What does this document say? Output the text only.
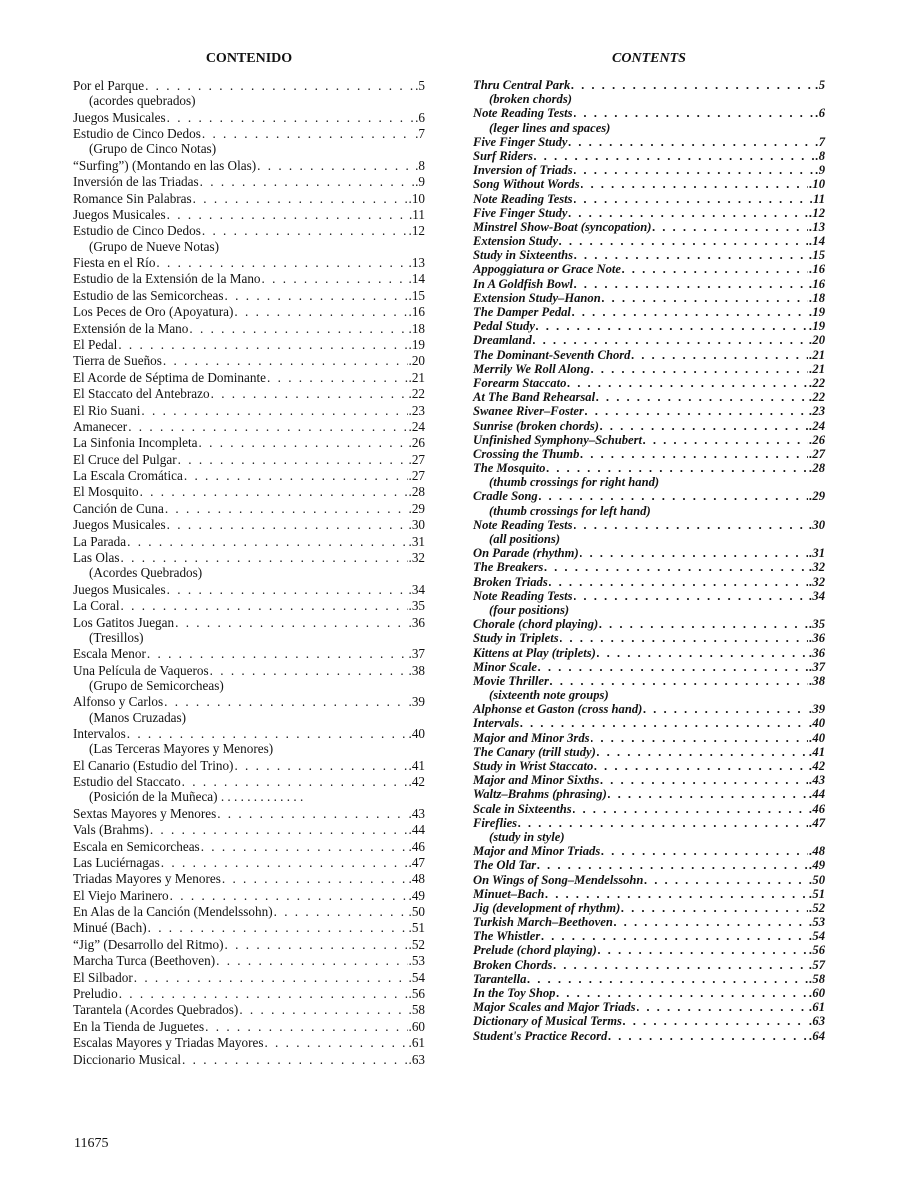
CONTENIDO
Por el Parque . . .	.5
(acordes quebrados)
Juegos Musicales . . .	.6
Estudio de Cinco Dedos . . .	.7
(Grupo de Cinco Notas)
“Surfing”) (Montando en las Olas) . . .	.8
Inversión de las Triadas . . .	.9
Romance Sin Palabras . . .	.10
Juegos Musicales . . .	.11
Estudio de Cinco Dedos . . .	.12
(Grupo de Nueve Notas)
Fiesta en el Río . . .	.13
Estudio de la Extensión de la Mano . . .	.14
Estudio de las Semicorcheas . . .	.15
Los Peces de Oro (Apoyatura) . . .	.16
Extensión de la Mano . . .	.18
El Pedal . . .	.19
Tierra de Sueños . . .	.20
El Acorde de Séptima de Dominante . . .	.21
El Staccato del Antebrazo . . .	.22
El Rio Suani . . .	.23
Amanecer . . .	.24
La Sinfonia Incompleta . . .	.26
El Cruce del Pulgar . . .	.27
La Escala Cromática . . .	.27
El Mosquito . . .	.28
Canción de Cuna . . .	.29
Juegos Musicales . . .	.30
La Parada . . .	.31
Las Olas . . .	.32
(Acordes Quebrados)
Juegos Musicales . . .	.34
La Coral . . .	.35
Los Gatitos Juegan . . .	.36
(Tresillos)
Escala Menor . . .	.37
Una Película de Vaqueros . . .	.38
(Grupo de Semicorcheas)
Alfonso y Carlos . . .	.39
(Manos Cruzadas)
Intervalos . . .	.40
(Las Terceras Mayores y Menores)
El Canario (Estudio del Trino) . . .	.41
Estudio del Staccato . . .	.42
(Posición de la Muñeca) . . . . . . . . . . . . .
Sextas Mayores y Menores . . .	.43
Vals (Brahms) . . .	.44
Escala en Semicorcheas . . .	.46
Las Luciérnagas . . .	.47
Triadas Mayores y Menores . . .	.48
El Viejo Marinero . . .	.49
En Alas de la Canción (Mendelssohn) . . .	.50
Minué (Bach) . . .	.51
“Jig” (Desarrollo del Ritmo) . . .	.52
Marcha Turca (Beethoven) . . .	.53
El Silbador . . .	.54
Preludio . . .	.56
Tarantela (Acordes Quebrados) . . .	.58
En la Tienda de Juguetes . . .	.60
Escalas Mayores y Triadas Mayores . . .	.61
Diccionario Musical . . .	.63
CONTENTS
Thru Central Park . . .	.5
(broken chords)
Note Reading Tests . . .	.6
(leger lines and spaces)
Five Finger Study . . .	.7
Surf Riders . . .	.8
Inversion of Triads . . .	.9
Song Without Words . . .	.10
Note Reading Tests . . .	.11
Five Finger Study . . .	.12
Minstrel Show-Boat (syncopation) . . .	.13
Extension Study . . .	.14
Study in Sixteenths . . .	.15
Appoggiatura or Grace Note . . .	.16
In A Goldfish Bowl . . .	.16
Extension Study–Hanon . . .	.18
The Damper Pedal . . .	.19
Pedal Study . . .	.19
Dreamland . . .	.20
The Dominant-Seventh Chord . . .	.21
Merrily We Roll Along . . .	.21
Forearm Staccato . . .	.22
At The Band Rehearsal . . .	.22
Swanee River–Foster . . .	.23
Sunrise (broken chords) . . .	.24
Unfinished Symphony–Schubert . . .	.26
Crossing the Thumb . . .	.27
The Mosquito . . .	.28
(thumb crossings for right hand)
Cradle Song . . .	.29
(thumb crossings for left hand)
Note Reading Tests . . .	.30
(all positions)
On Parade (rhythm) . . .	.31
The Breakers . . .	.32
Broken Triads . . .	.32
Note Reading Tests . . .	.34
(four positions)
Chorale (chord playing) . . .	.35
Study in Triplets . . .	.36
Kittens at Play (triplets) . . .	.36
Minor Scale . . .	.37
Movie Thriller . . .	.38
(sixteenth note groups)
Alphonse et Gaston (cross hand) . . .	.39
Intervals . . .	.40
Major and Minor 3rds . . .	.40
The Canary (trill study) . . .	.41
Study in Wrist Staccato . . .	.42
Major and Minor Sixths . . .	.43
Waltz–Brahms (phrasing) . . .	.44
Scale in Sixteenths . . .	.46
Fireflies . . .	.47
(study in style)
Major and Minor Triads . . .	.48
The Old Tar . . .	.49
On Wings of Song–Mendelssohn . . .	.50
Minuet–Bach . . .	.51
Jig (development of rhythm) . . .	.52
Turkish March–Beethoven . . .	.53
The Whistler . . .	.54
Prelude (chord playing) . . .	.56
Broken Chords . . .	.57
Tarantella . . .	.58
In the Toy Shop . . .	.60
Major Scales and Major Triads . . .	.61
Dictionary of Musical Terms . . .	.63
Student's Practice Record . . .	.64
11675
